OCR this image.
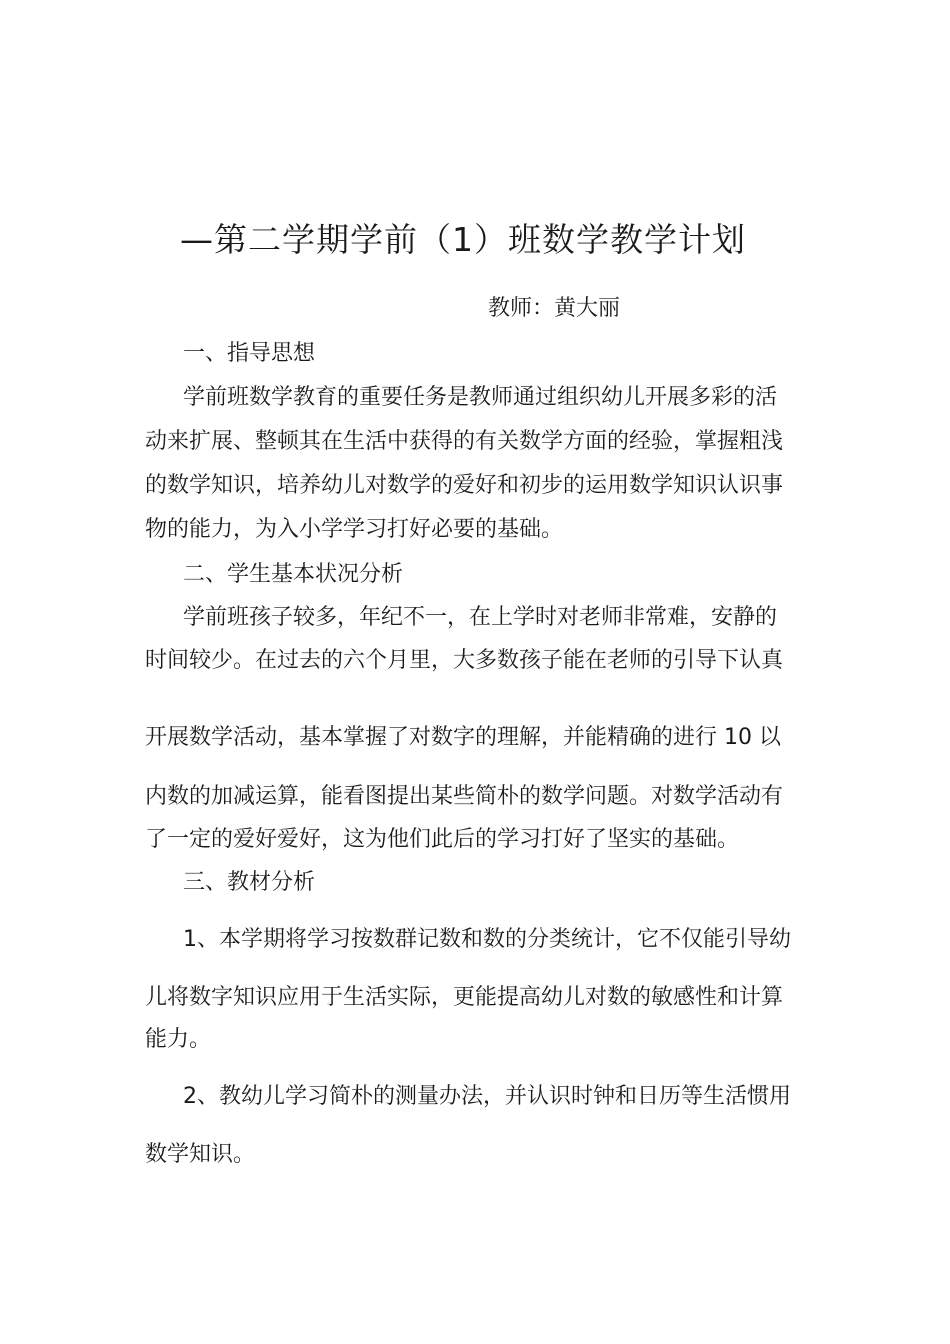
—第二学期学前（1）班数学教学计划
教师：黄大丽
一、指导思想
学前班数学教育的重要任务是教师通过组织幼儿开展多彩的活
动来扩展、整顿其在生活中获得的有关数学方面的经验，掌握粗浅
的数学知识，培养幼儿对数学的爱好和初步的运用数学知识认识事
物的能力，为入小学学习打好必要的基础。
二、学生基本状况分析
学前班孩子较多，年纪不一，在上学时对老师非常难，安静的
时间较少。在过去的六个月里，大多数孩子能在老师的引导下认真
开展数学活动，基本掌握了对数字的理解，并能精确的进行 10 以
内数的加减运算，能看图提出某些简朴的数学问题。对数学活动有
了一定的爱好爱好，这为他们此后的学习打好了坚实的基础。
三、教材分析
1、本学期将学习按数群记数和数的分类统计，它不仅能引导幼
儿将数字知识应用于生活实际，更能提高幼儿对数的敏感性和计算
能力。
2、教幼儿学习简朴的测量办法，并认识时钟和日历等生活惯用
数学知识。
